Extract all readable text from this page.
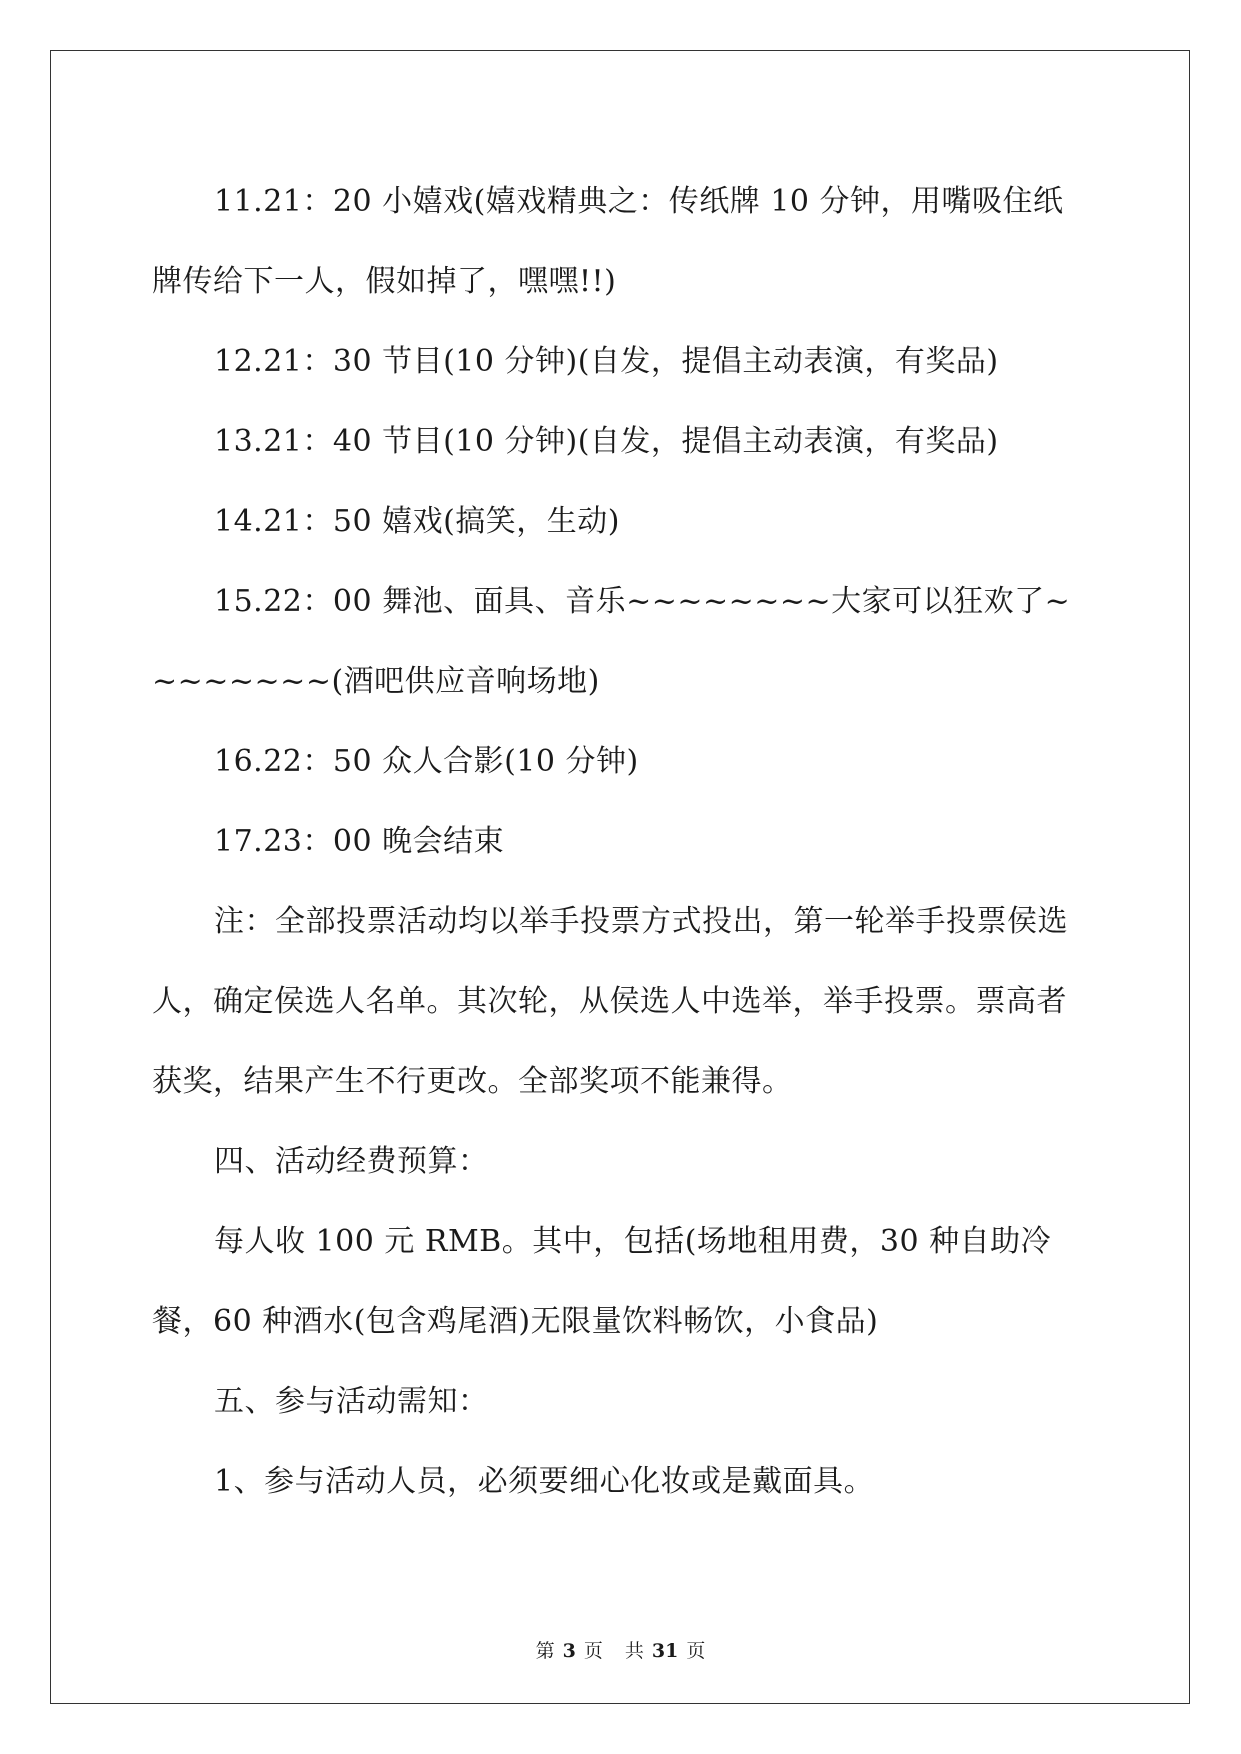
11.21：20 小嬉戏(嬉戏精典之：传纸牌 10 分钟，用嘴吸住纸牌传给下一人，假如掉了，嘿嘿!!)

12.21：30 节目(10 分钟)(自发，提倡主动表演，有奖品)

13.21：40 节目(10 分钟)(自发，提倡主动表演，有奖品)

14.21：50 嬉戏(搞笑，生动)

15.22：00 舞池、面具、音乐~~~~~~~~大家可以狂欢了~~~~~~~~(酒吧供应音响场地)

16.22：50 众人合影(10 分钟)

17.23：00 晚会结束

注：全部投票活动均以举手投票方式投出，第一轮举手投票侯选人，确定侯选人名单。其次轮，从侯选人中选举，举手投票。票高者获奖，结果产生不行更改。全部奖项不能兼得。

四、活动经费预算：

每人收 100 元 RMB。其中，包括(场地租用费，30 种自助冷餐，60 种酒水(包含鸡尾酒)无限量饮料畅饮，小食品)

五、参与活动需知：

1、参与活动人员，必须要细心化妆或是戴面具。

第 3 页 共 31 页
